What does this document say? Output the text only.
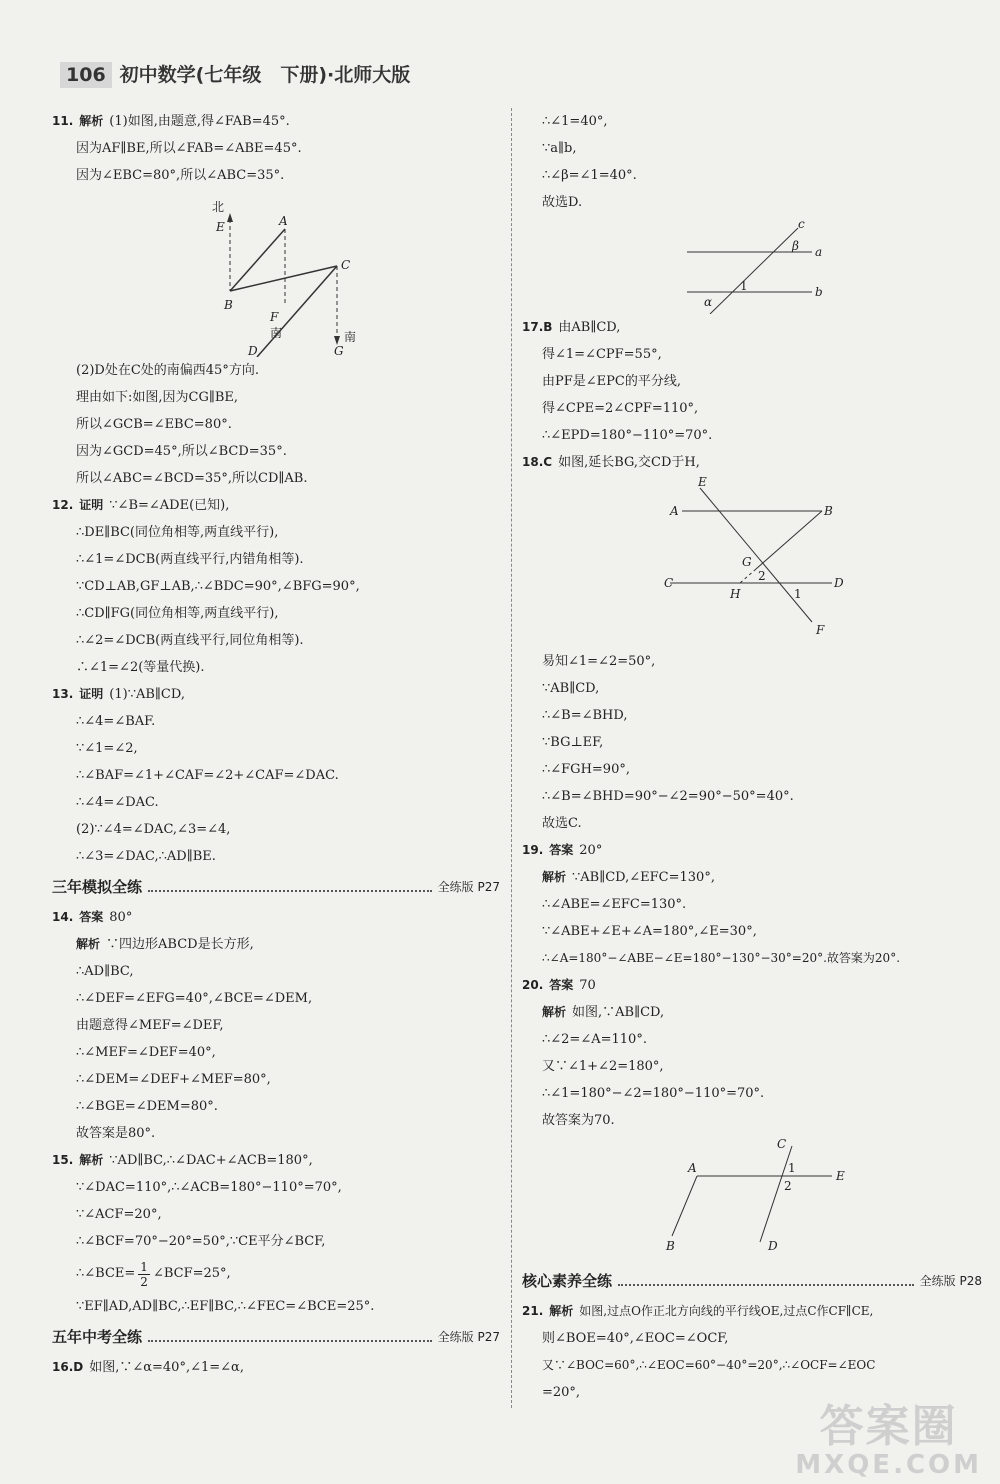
106 初中数学(七年级　下册)·北师大版
11. 解析 (1)如图,由题意,得∠FAB=45°.
因为AF∥BE,所以∠FAB=∠ABE=45°.
因为∠EBC=80°,所以∠ABC=35°.
北
E	A
C
B
F
南	南
D	G
(2)D处在C处的南偏西45°方向.
理由如下:如图,因为CG∥BE,
所以∠GCB=∠EBC=80°.
因为∠GCD=45°,所以∠BCD=35°.
所以∠ABC=∠BCD=35°,所以CD∥AB.
12. 证明 ∵∠B=∠ADE(已知),
∴DE∥BC(同位角相等,两直线平行),
∴∠1=∠DCB(两直线平行,内错角相等).
∵CD⊥AB,GF⊥AB,∴∠BDC=90°,∠BFG=90°,
∴CD∥FG(同位角相等,两直线平行),
∴∠2=∠DCB(两直线平行,同位角相等).
∴∠1=∠2(等量代换).
13. 证明 (1)∵AB∥CD,
∴∠4=∠BAF.
∵∠1=∠2,
∴∠BAF=∠1+∠CAF=∠2+∠CAF=∠DAC.
∴∠4=∠DAC.
(2)∵∠4=∠DAC,∠3=∠4,
∴∠3=∠DAC,∴AD∥BE.
三年模拟全练	全练版 P27
14. 答案 80°
解析 ∵四边形ABCD是长方形,
∴AD∥BC,
∴∠DEF=∠EFG=40°,∠BCE=∠DEM,
由题意得∠MEF=∠DEF,
∴∠MEF=∠DEF=40°,
∴∠DEM=∠DEF+∠MEF=80°,
∴∠BGE=∠DEM=80°.
故答案是80°.
15. 解析 ∵AD∥BC,∴∠DAC+∠ACB=180°,
∵∠DAC=110°,∴∠ACB=180°−110°=70°,
∵∠ACF=20°,
∴∠BCF=70°−20°=50°,∵CE平分∠BCF,
∴∠BCE= $\frac{1}{2}$ ∠BCF=25°,
∵EF∥AD,AD∥BC,∴EF∥BC,∴∠FEC=∠BCE=25°.
五年中考全练	全练版 P27
16.D 如图,∵∠α=40°,∠1=∠α,
∴∠1=40°,
∵a∥b,
∴∠β=∠1=40°.
故选D.
c
β a
1
α
b
17.B 由AB∥CD,
得∠1=∠CPF=55°,
由PF是∠EPC的平分线,
得∠CPE=2∠CPF=110°,
∴∠EPD=180°−110°=70°.
18.C 如图,延长BG,交CD于H,
E
A	B
G
2
C
H	1
D
F
易知∠1=∠2=50°,
∵AB∥CD,
∴∠B=∠BHD,
∵BG⊥EF,
∴∠FGH=90°,
∴∠B=∠BHD=90°−∠2=90°−50°=40°.
故选C.
19. 答案 20°
解析 ∵AB∥CD,∠EFC=130°,
∴∠ABE=∠EFC=130°.
∵∠ABE+∠E+∠A=180°,∠E=30°,
∴∠A=180°−∠ABE−∠E=180°−130°−30°=20°.故答案为20°.
20. 答案 70
解析 如图,∵AB∥CD,
∴∠2=∠A=110°.
又∵∠1+∠2=180°,
∴∠1=180°−∠2=180°−110°=70°.
故答案为70.
C
A	1
2
E
B	D
核心素养全练	全练版 P28
21. 解析 如图,过点O作正北方向线的平行线OE,过点C作CF∥CE,
则∠BOE=40°,∠EOC=∠OCF,
又∵∠BOC=60°,∴∠EOC=60°−40°=20°,∴∠OCF=∠EOC
=20°,
答案圈
MXQE.COM
